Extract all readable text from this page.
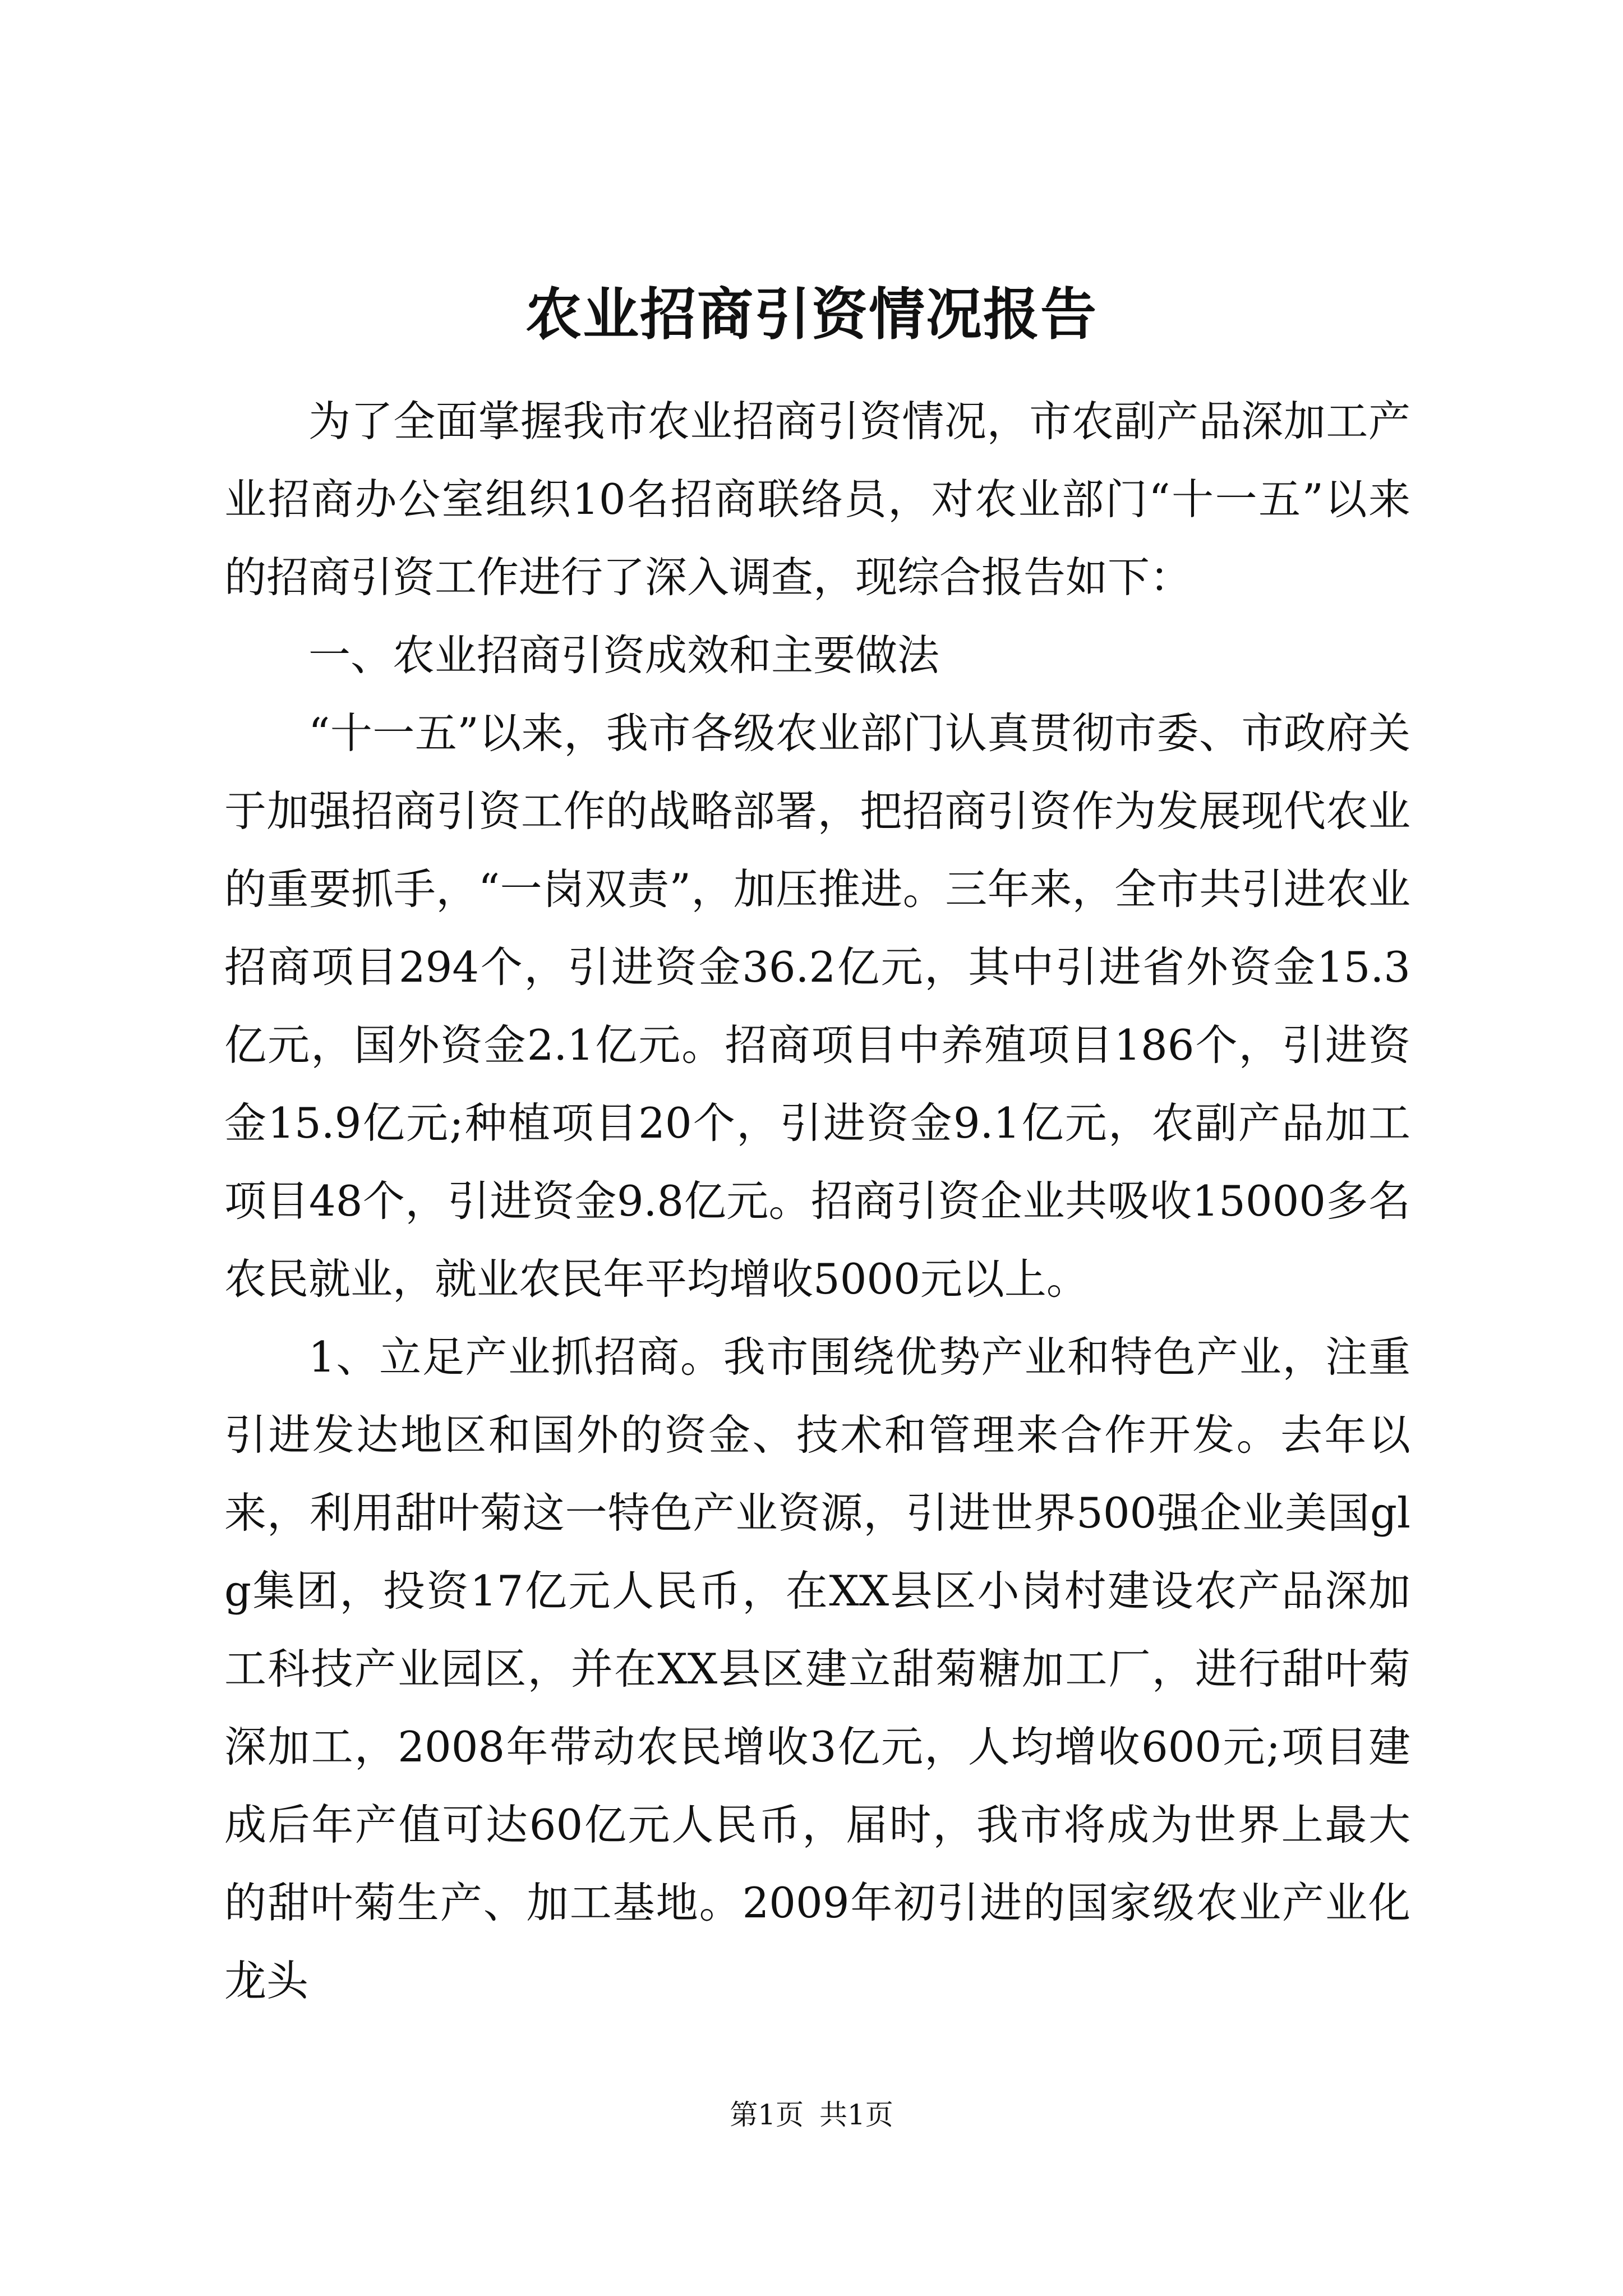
农业招商引资情况报告

为了全面掌握我市农业招商引资情况，市农副产品深加工产业招商办公室组织10名招商联络员，对农业部门“十一五”以来的招商引资工作进行了深入调查，现综合报告如下：

一、农业招商引资成效和主要做法

“十一五”以来，我市各级农业部门认真贯彻市委、市政府关于加强招商引资工作的战略部署，把招商引资作为发展现代农业的重要抓手，“一岗双责”，加压推进。三年来，全市共引进农业招商项目294个，引进资金36.2亿元，其中引进省外资金15.3亿元，国外资金2.1亿元。招商项目中养殖项目186个，引进资金15.9亿元;种植项目20个，引进资金9.1亿元，农副产品加工项目48个，引进资金9.8亿元。招商引资企业共吸收15000多名农民就业，就业农民年平均增收5000元以上。

1、立足产业抓招商。我市围绕优势产业和特色产业，注重引进发达地区和国外的资金、技术和管理来合作开发。去年以来，利用甜叶菊这一特色产业资源，引进世界500强企业美国glg集团，投资17亿元人民币，在XX县区小岗村建设农产品深加工科技产业园区，并在XX县区建立甜菊糖加工厂，进行甜叶菊深加工，2008年带动农民增收3亿元，人均增收600元;项目建成后年产值可达60亿元人民币，届时，我市将成为世界上最大的甜叶菊生产、加工基地。2009年初引进的国家级农业产业化龙头

第1页 共1页
